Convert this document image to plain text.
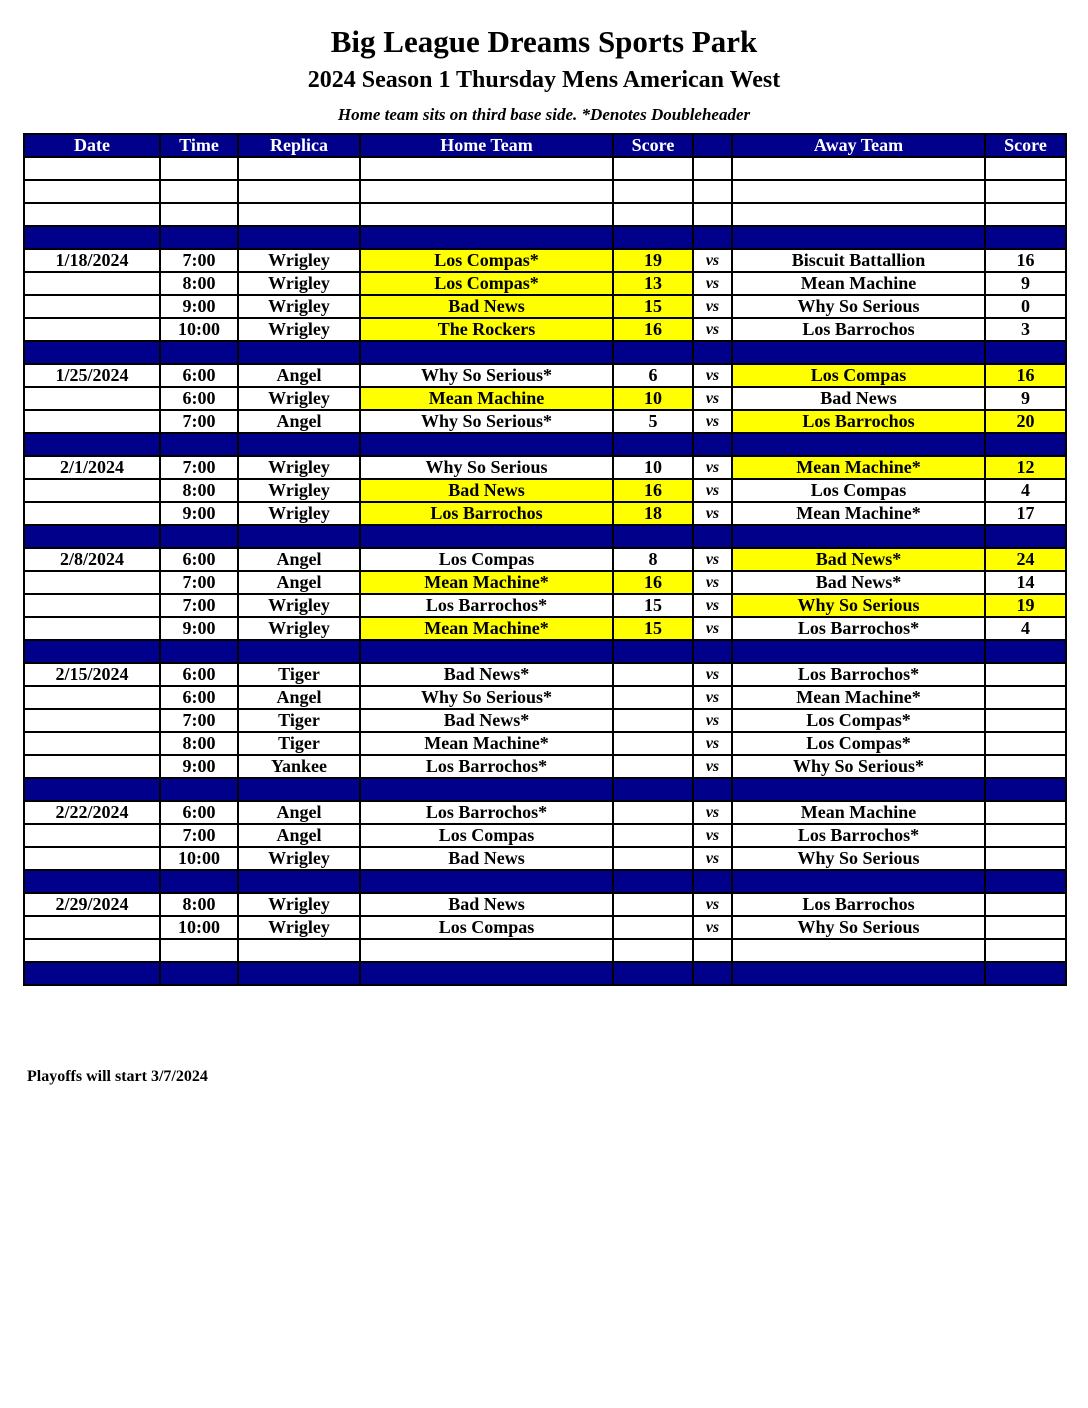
Big League Dreams Sports Park
2024 Season 1 Thursday Mens American West
Home team sits on third base side. *Denotes Doubleheader
Date	Time	Replica	Home Team	Score		Away Team	Score

1/18/2024	7:00	Wrigley	Los Compas*	19	vs	Biscuit Battallion	16
	8:00	Wrigley	Los Compas*	13	vs	Mean Machine	9
	9:00	Wrigley	Bad News	15	vs	Why So Serious	0
	10:00	Wrigley	The Rockers	16	vs	Los Barrochos	3

1/25/2024	6:00	Angel	Why So Serious*	6	vs	Los Compas	16
	6:00	Wrigley	Mean Machine	10	vs	Bad News	9
	7:00	Angel	Why So Serious*	5	vs	Los Barrochos	20

2/1/2024	7:00	Wrigley	Why So Serious	10	vs	Mean Machine*	12
	8:00	Wrigley	Bad News	16	vs	Los Compas	4
	9:00	Wrigley	Los Barrochos	18	vs	Mean Machine*	17

2/8/2024	6:00	Angel	Los Compas	8	vs	Bad News*	24
	7:00	Angel	Mean Machine*	16	vs	Bad News*	14
	7:00	Wrigley	Los Barrochos*	15	vs	Why So Serious	19
	9:00	Wrigley	Mean Machine*	15	vs	Los Barrochos*	4

2/15/2024	6:00	Tiger	Bad News*		vs	Los Barrochos*	
	6:00	Angel	Why So Serious*		vs	Mean Machine*	
	7:00	Tiger	Bad News*		vs	Los Compas*	
	8:00	Tiger	Mean Machine*		vs	Los Compas*	
	9:00	Yankee	Los Barrochos*		vs	Why So Serious*	

2/22/2024	6:00	Angel	Los Barrochos*		vs	Mean Machine	
	7:00	Angel	Los Compas		vs	Los Barrochos*	
	10:00	Wrigley	Bad News		vs	Why So Serious	

2/29/2024	8:00	Wrigley	Bad News		vs	Los Barrochos	
	10:00	Wrigley	Los Compas		vs	Why So Serious	

Playoffs will start 3/7/2024
